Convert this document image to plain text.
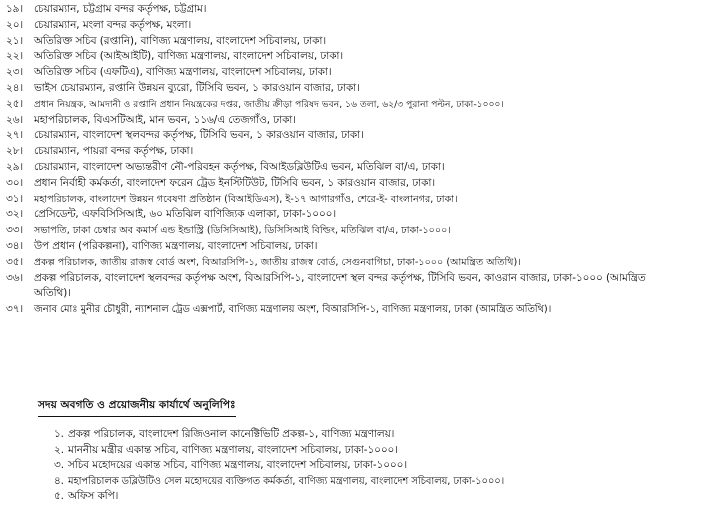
১৯।	চেয়ারম্যান, চট্টগ্রাম বন্দর কর্তৃপক্ষ, চট্টগ্রাম।
২০।	চেয়ারম্যান, মংলা বন্দর কর্তৃপক্ষ, মংলা।
২১।	অতিরিক্ত সচিব (রপ্তানি), বাণিজ্য মন্ত্রণালয়, বাংলাদেশ সচিবালয়, ঢাকা।
২২।	অতিরিক্ত সচিব (আইআইটি), বাণিজ্য মন্ত্রণালয়, বাংলাদেশ সচিবালয়, ঢাকা।
২৩।	অতিরিক্ত সচিব (এফটিএ), বাণিজ্য মন্ত্রণালয়, বাংলাদেশ সচিবালয়, ঢাকা।
২৪।	ভাইস চেয়ারম্যান, রপ্তানি উন্নয়ন ব্যুরো, টিসিবি ভবন, ১ কারওয়ান বাজার, ঢাকা।
২৫।	প্রধান নিয়ন্ত্রক, আমদানী ও রপ্তানি প্রধান নিয়ন্ত্রকের দপ্তর, জাতীয় ক্রীড়া পরিষদ ভবন, ১৬ তলা, ৬২/৩ পুরানা পল্টন, ঢাকা-১০০০।
২৬।	মহাপরিচালক, বিএসটিআই, মান ভবন, ১১৬/এ তেজগাঁও, ঢাকা।
২৭।	চেয়ারম্যান, বাংলাদেশ স্থলবন্দর কর্তৃপক্ষ, টিসিবি ভবন, ১ কারওয়ান বাজার, ঢাকা।
২৮।	চেয়ারম্যান, পায়রা বন্দর কর্তৃপক্ষ, ঢাকা।
২৯।	চেয়ারম্যান, বাংলাদেশ অভ্যন্তরীণ নৌ-পরিবহন কর্তৃপক্ষ, বিআইডব্লিউটিএ ভবন, মতিঝিল বা/এ, ঢাকা।
৩০।	প্রধান নির্বাহী কর্মকর্তা, বাংলাদেশ ফরেন ট্রেড ইনস্টিটিউট, টিসিবি ভবন, ১ কারওয়ান বাজার, ঢাকা।
৩১।	মহাপরিচালক, বাংলাদেশ উন্নয়ন গবেষণা প্রতিষ্ঠান (বিআইডিএস), ই-১৭ আগারগাঁও, শেরে-ই- বাংলানগর, ঢাকা।
৩২।	প্রেসিডেন্ট, এফবিসিসিআই, ৬০ মতিঝিল বাণিজ্যিক এলাকা, ঢাকা-১০০০।
৩৩।	সভাপতি, ঢাকা চেম্বার অব কমার্স এন্ড ইন্ডাস্ট্রি (ডিসিসিআই), ডিসিসিআই বিল্ডিং, মতিঝিল বা/এ, ঢাকা-১০০০।
৩৪।	উপ প্রধান (পরিকল্পনা), বাণিজ্য মন্ত্রণালয়, বাংলাদেশ সচিবালয়, ঢাকা।
৩৫।	প্রকল্প পরিচালক, জাতীয় রাজস্ব বোর্ড অংশ, বিআরসিপি-১, জাতীয় রাজস্ব বোর্ড, সেগুনবাগিচা, ঢাকা-১০০০ (আমন্ত্রিত অতিথি)।
৩৬।	প্রকল্প পরিচালক, বাংলাদেশ স্থলবন্দর কর্তৃপক্ষ অংশ, বিআরসিপি-১, বাংলাদেশ স্থল বন্দর কর্তৃপক্ষ, টিসিবি ভবন, কাওরান বাজার, ঢাকা-১০০০ (আমন্ত্রিত অতিথি)।
৩৭।	জনাব মোঃ মুনীর চৌধুরী, ন্যাশনাল ট্রেড এক্সপার্ট, বাণিজ্য মন্ত্রণালয় অংশ, বিআরসিপি-১, বাণিজ্য মন্ত্রণালয়, ঢাকা (আমন্ত্রিত অতিথি)।
সদয় অবগতি ও প্রয়োজনীয় কার্যার্থে অনুলিপিঃ
১. প্রকল্প পরিচালক, বাংলাদেশ রিজিওনাল কানেক্টিভিটি প্রকল্প-১, বাণিজ্য মন্ত্রণালয়।
২. মাননীয় মন্ত্রীর একান্ত সচিব, বাণিজ্য মন্ত্রণালয়, বাংলাদেশ সচিবালয়, ঢাকা-১০০০।
৩. সচিব মহোদয়ের একান্ত সচিব, বাণিজ্য মন্ত্রণালয়, বাংলাদেশ সচিবালয়, ঢাকা-১০০০।
৪. মহাপরিচালক ডব্লিউটিও সেল মহোদয়ের ব্যক্তিগত কর্মকর্তা, বাণিজ্য মন্ত্রণালয়, বাংলাদেশ সচিবালয়, ঢাকা-১০০০।
৫. অফিস কপি।
